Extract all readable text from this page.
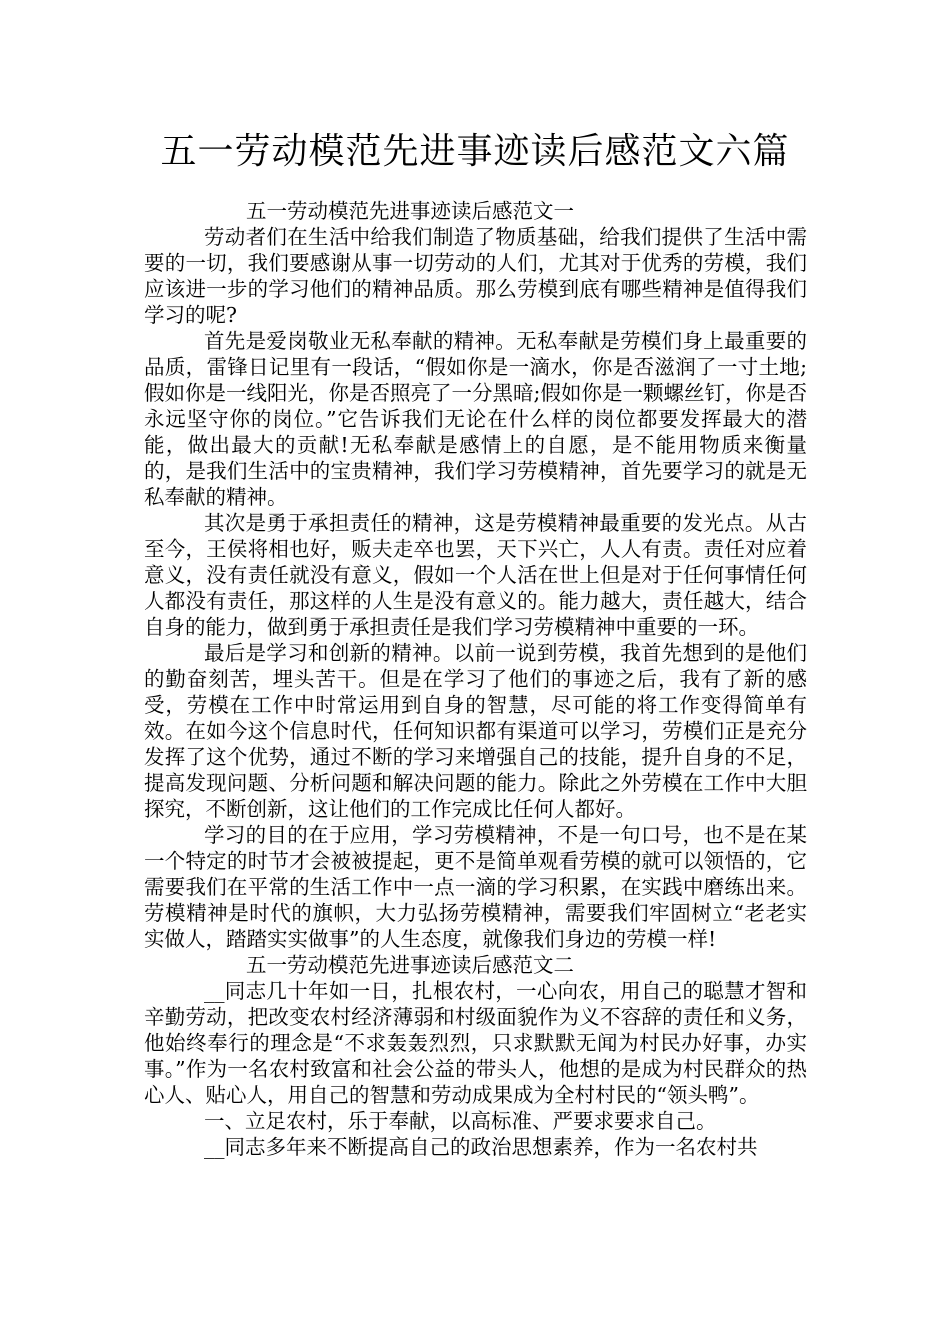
五一劳动模范先进事迹读后感范文六篇

五一劳动模范先进事迹读后感范文一

劳动者们在生活中给我们制造了物质基础，给我们提供了生活中需要的一切，我们要感谢从事一切劳动的人们，尤其对于优秀的劳模，我们应该进一步的学习他们的精神品质。那么劳模到底有哪些精神是值得我们学习的呢?

首先是爱岗敬业无私奉献的精神。无私奉献是劳模们身上最重要的品质，雷锋日记里有一段话，“假如你是一滴水，你是否滋润了一寸土地;假如你是一线阳光，你是否照亮了一分黑暗;假如你是一颗螺丝钉，你是否永远坚守你的岗位。”它告诉我们无论在什么样的岗位都要发挥最大的潜能，做出最大的贡献!无私奉献是感情上的自愿，是不能用物质来衡量的，是我们生活中的宝贵精神，我们学习劳模精神，首先要学习的就是无私奉献的精神。

其次是勇于承担责任的精神，这是劳模精神最重要的发光点。从古至今，王侯将相也好，贩夫走卒也罢，天下兴亡，人人有责。责任对应着意义，没有责任就没有意义，假如一个人活在世上但是对于任何事情任何人都没有责任，那这样的人生是没有意义的。能力越大，责任越大，结合自身的能力，做到勇于承担责任是我们学习劳模精神中重要的一环。

最后是学习和创新的精神。以前一说到劳模，我首先想到的是他们的勤奋刻苦，埋头苦干。但是在学习了他们的事迹之后，我有了新的感受，劳模在工作中时常运用到自身的智慧，尽可能的将工作变得简单有效。在如今这个信息时代，任何知识都有渠道可以学习，劳模们正是充分发挥了这个优势，通过不断的学习来增强自己的技能，提升自身的不足，提高发现问题、分析问题和解决问题的能力。除此之外劳模在工作中大胆探究，不断创新，这让他们的工作完成比任何人都好。

学习的目的在于应用，学习劳模精神，不是一句口号，也不是在某一个特定的时节才会被被提起，更不是简单观看劳模的就可以领悟的，它需要我们在平常的生活工作中一点一滴的学习积累，在实践中磨练出来。劳模精神是时代的旗帜，大力弘扬劳模精神，需要我们牢固树立“老老实实做人，踏踏实实做事”的人生态度，就像我们身边的劳模一样!

五一劳动模范先进事迹读后感范文二

__同志几十年如一日，扎根农村，一心向农，用自己的聪慧才智和辛勤劳动，把改变农村经济薄弱和村级面貌作为义不容辞的责任和义务，他始终奉行的理念是“不求轰轰烈烈，只求默默无闻为村民办好事，办实事。”作为一名农村致富和社会公益的带头人，他想的是成为村民群众的热心人、贴心人，用自己的智慧和劳动成果成为全村村民的“领头鸭”。

一、立足农村，乐于奉献，以高标准、严要求要求自己。

__同志多年来不断提高自己的政治思想素养，作为一名农村共
